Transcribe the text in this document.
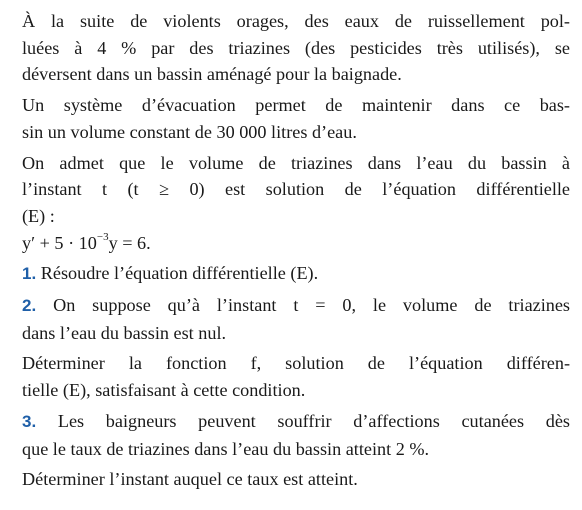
À la suite de violents orages, des eaux de ruissellement pol-
luées à 4 % par des triazines (des pesticides très utilisés), se
déversent dans un bassin aménagé pour la baignade.
Un système d’évacuation permet de maintenir dans ce bas-
sin un volume constant de 30 000 litres d’eau.
On admet que le volume de triazines dans l’eau du bassin à
l’instant t (t ≥ 0) est solution de l’équation différentielle
(E) :
$y' + 5 \cdot 10^{-3}y = 6$.
1. Résoudre l’équation différentielle (E).
2. On suppose qu’à l’instant t = 0, le volume de triazines
dans l’eau du bassin est nul.
Déterminer la fonction f, solution de l’équation différen-
tielle (E), satisfaisant à cette condition.
3. Les baigneurs peuvent souffrir d’affections cutanées dès
que le taux de triazines dans l’eau du bassin atteint 2 %.
Déterminer l’instant auquel ce taux est atteint.
